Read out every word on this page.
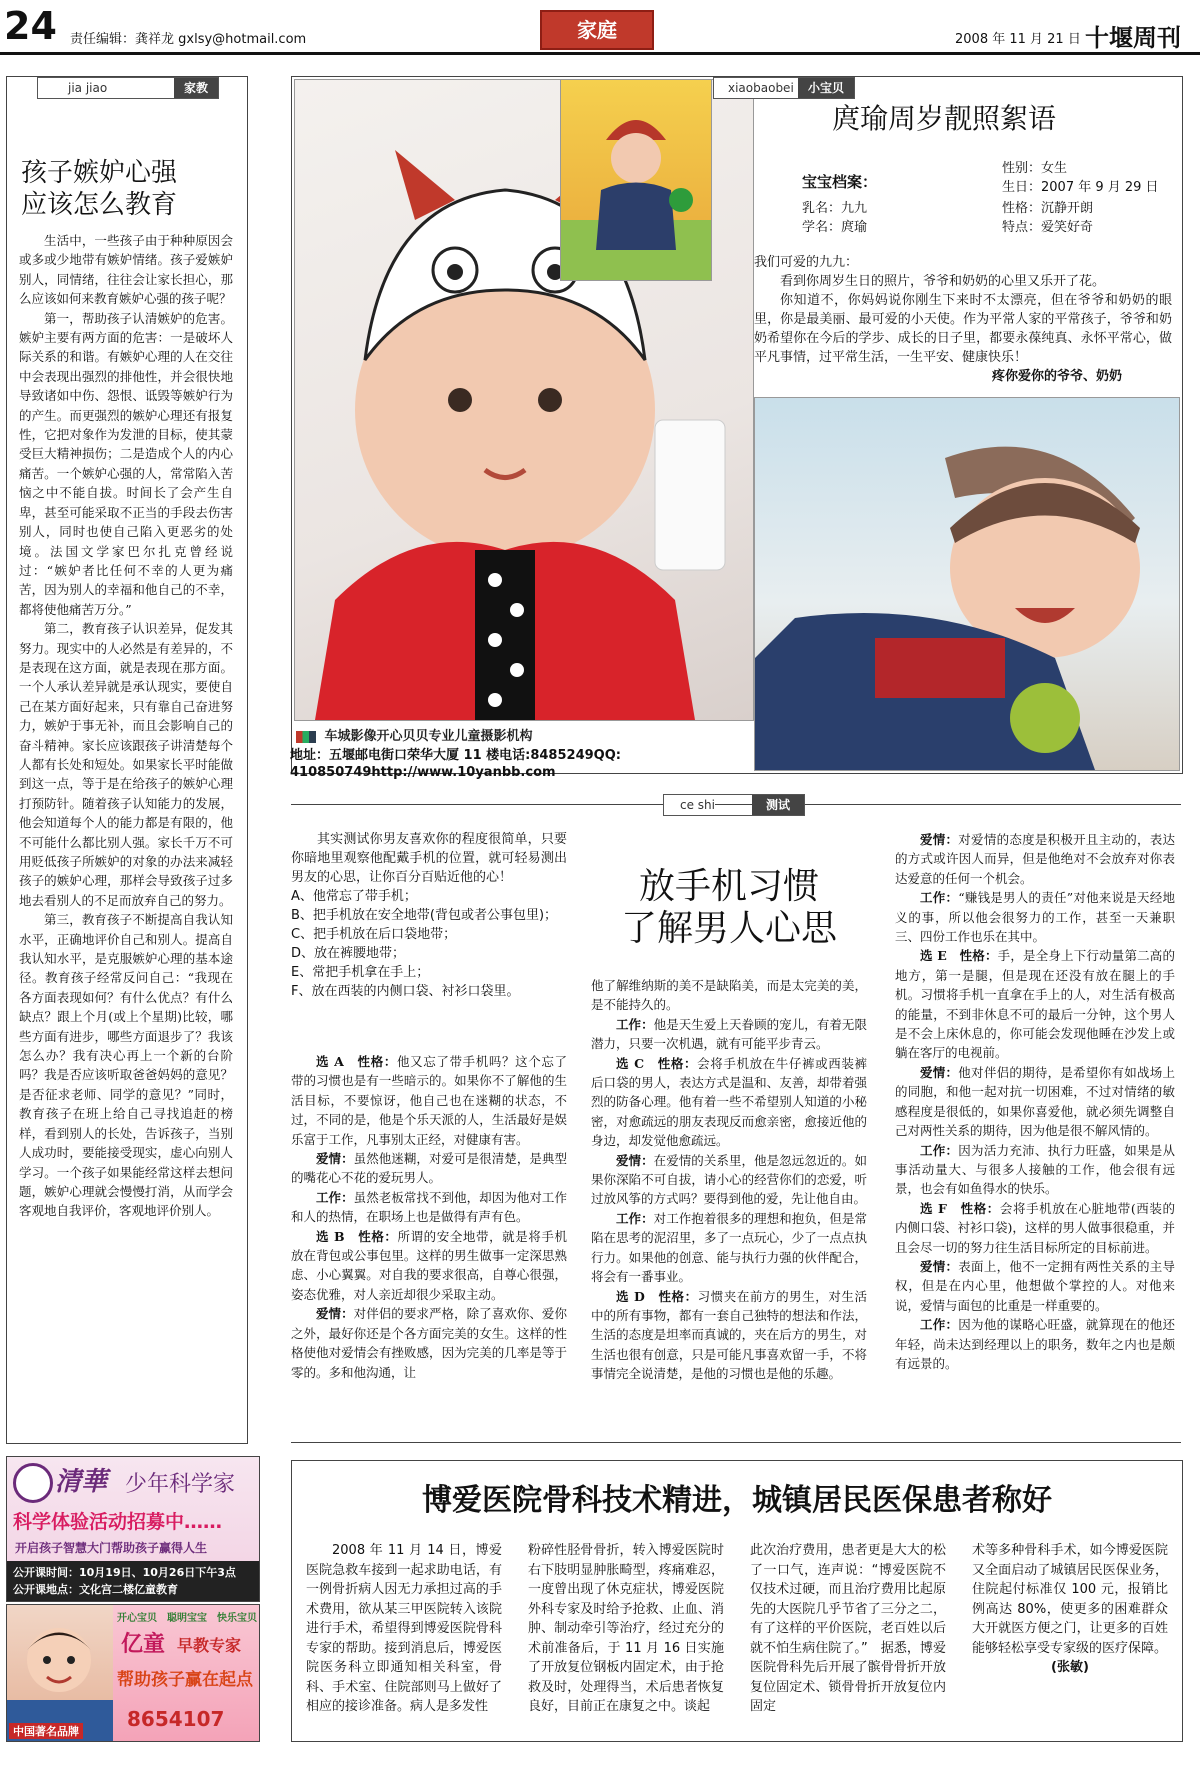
24 责任编辑：龚祥龙 gxlsy@hotmail.com	家庭	2008 年 11 月 21 日 十堰周刊
jia jiao	家教
孩子嫉妒心强
应该怎么教育

生活中，一些孩子由于种种原因会或多或少地带有嫉妒情绪。孩子爱嫉妒别人，同情绪，往往会让家长担心，那么应该如何来教育嫉妒心强的孩子呢？

第一，帮助孩子认清嫉妒的危害。嫉妒主要有两方面的危害：一是破坏人际关系的和谐。有嫉妒心理的人在交往中会表现出强烈的排他性，并会很快地导致诸如中伤、怨恨、诋毁等嫉妒行为的产生。而更强烈的嫉妒心理还有报复性，它把对象作为发泄的目标，使其蒙受巨大精神损伤；二是造成个人的内心痛苦。一个嫉妒心强的人，常常陷入苦恼之中不能自拔。时间长了会产生自卑，甚至可能采取不正当的手段去伤害别人，同时也使自己陷入更恶劣的处境。法国文学家巴尔扎克曾经说过：“嫉妒者比任何不幸的人更为痛苦，因为别人的幸福和他自己的不幸，都将使他痛苦万分。”

第二，教育孩子认识差异，促发其努力。现实中的人必然是有差异的，不是表现在这方面，就是表现在那方面。一个人承认差异就是承认现实，要使自己在某方面好起来，只有靠自己奋进努力，嫉妒于事无补，而且会影响自己的奋斗精神。家长应该跟孩子讲清楚每个人都有长处和短处。如果家长平时能做到这一点，等于是在给孩子的嫉妒心理打预防针。随着孩子认知能力的发展，他会知道每个人的能力都是有限的，他不可能什么都比别人强。家长千万不可用贬低孩子所嫉妒的对象的办法来减轻孩子的嫉妒心理，那样会导致孩子过多地去看别人的不足而放弃自己的努力。

第三，教育孩子不断提高自我认知水平，正确地评价自己和别人。提高自我认知水平，是克服嫉妒心理的基本途径。教育孩子经常反问自己：“我现在各方面表现如何？有什么优点？有什么缺点？跟上个月(或上个星期)比较，哪些方面有进步，哪些方面退步了？我该怎么办？我有决心再上一个新的台阶吗？我是否应该听取爸爸妈妈的意见？是否征求老师、同学的意见？”同时，教育孩子在班上给自己寻找追赶的榜样，看到别人的长处，告诉孩子，当别人成功时，要能接受现实，虚心向别人学习。一个孩子如果能经常这样去想问题，嫉妒心理就会慢慢打消，从而学会客观地自我评价，客观地评价别人。

xiaobaobei	小宝贝
庹瑜周岁靓照絮语
宝宝档案：
性别：女生
生日：2007 年 9 月 29 日
乳名：九九	性格：沉静开朗
学名：庹瑜	特点：爱笑好奇
我们可爱的九九：
看到你周岁生日的照片，爷爷和奶奶的心里又乐开了花。
你知道不，你妈妈说你刚生下来时不太漂亮，但在爷爷和奶奶的眼里，你是最美丽、最可爱的小天使。作为平常人家的平常孩子，爷爷和奶奶希望你在今后的学步、成长的日子里，都要永葆纯真、永怀平常心，做平凡事情，过平常生活，一生平安、健康快乐！
疼你爱你的爷爷、奶奶
车城影像开心贝贝专业儿童摄影机构
地址：五堰邮电街口荣华大厦 11 楼电话:8485249QQ:
410850749http://www.10yanbb.com
ce shi	测试
其实测试你男友喜欢你的程度很简单，只要你暗地里观察他配戴手机的位置，就可轻易测出男友的心思，让你百分百贴近他的心！
A、他常忘了带手机；
B、把手机放在安全地带(背包或者公事包里)；
C、把手机放在后口袋地带；
D、放在裤腰地带；
E、常把手机拿在手上；
F、放在西装的内侧口袋、衬衫口袋里。
放手机习惯
了解男人心思

选 A　性格：他又忘了带手机吗？这个忘了带的习惯也是有一些暗示的。如果你不了解他的生活目标，不要惊讶，他自己也在迷糊的状态，不过，不同的是，他是个乐天派的人，生活最好是娱乐富于工作，凡事别太正经，对健康有害。

爱情：虽然他迷糊，对爱可是很清楚，是典型的嘴花心不花的爱玩男人。

工作：虽然老板常找不到他，却因为他对工作和人的热情，在职场上也是做得有声有色。

选 B　性格：所谓的安全地带，就是将手机放在背包或公事包里。这样的男生做事一定深思熟虑、小心翼翼。对自我的要求很高，自尊心很强，姿态优雅，对人亲近却很少采取主动。

爱情：对伴侣的要求严格，除了喜欢你、爱你之外，最好你还是个各方面完美的女生。这样的性格使他对爱情会有挫败感，因为完美的几率是等于零的。多和他沟通，让

他了解维纳斯的美不是缺陷美，而是太完美的美，是不能持久的。

工作：他是天生爱上天眷顾的宠儿，有着无限潜力，只要一次机遇，就有可能平步青云。

选 C　性格：会将手机放在牛仔裤或西装裤后口袋的男人，表达方式是温和、友善，却带着强烈的防备心理。他有着一些不希望别人知道的小秘密，对愈疏远的朋友表现反而愈亲密，愈接近他的身边，却发觉他愈疏远。

爱情：在爱情的关系里，他是忽远忽近的。如果你深陷不可自拔，请小心的经营你们的恋爱，听过放风筝的方式吗？要得到他的爱，先让他自由。

工作：对工作抱着很多的理想和抱负，但是常陷在思考的泥沼里，多了一点玩心，少了一点点执行力。如果他的创意、能与执行力强的伙伴配合，将会有一番事业。

选 D　性格：习惯夹在前方的男生，对生活中的所有事物，都有一套自己独特的想法和作法，生活的态度是坦率而真诚的，夹在后方的男生，对生活也很有创意，只是可能凡事喜欢留一手，不将事情完全说清楚，是他的习惯也是他的乐趣。

爱情：对爱情的态度是积极开且主动的，表达的方式或许因人而异，但是他绝对不会放弃对你表达爱意的任何一个机会。

工作：“赚钱是男人的责任”对他来说是天经地义的事，所以他会很努力的工作，甚至一天兼职三、四份工作也乐在其中。

选 E　性格：手，是全身上下行动量第二高的地方，第一是腿，但是现在还没有放在腿上的手机。习惯将手机一直拿在手上的人，对生活有极高的能量，不到非休息不可的最后一分钟，这个男人是不会上床休息的，你可能会发现他睡在沙发上或躺在客厅的电视前。

爱情：他对伴侣的期待，是希望你有如战场上的同胞，和他一起对抗一切困难，不过对情绪的敏感程度是很低的，如果你喜爱他，就必须先调整自己对两性关系的期待，因为他是很不解风情的。

工作：因为活力充沛、执行力旺盛，如果是从事活动量大、与很多人接触的工作，他会很有远景，也会有如鱼得水的快乐。

选 F　性格：会将手机放在心脏地带(西装的内侧口袋、衬衫口袋)，这样的男人做事很稳重，并且会尽一切的努力往生活目标所定的目标前进。

爱情：表面上，他不一定拥有两性关系的主导权，但是在内心里，他想做个掌控的人。对他来说，爱情与面包的比重是一样重要的。

工作：因为他的谋略心旺盛，就算现在的他还年轻，尚未达到经理以上的职务，数年之内也是颇有远景的。

清華 少年科学家
科学体验活动招募中……
开启孩子智慧大门帮助孩子赢得人生
公开课时间：10月19日、10月26日下午3点
公开课地点：文化宫二楼亿童教育
开心宝贝　聪明宝宝　快乐宝贝
亿童 早教专家
帮助孩子赢在起点
8654107
中国著名品牌
博爱医院骨科技术精进，城镇居民医保患者称好
2008 年 11 月 14 日，博爱医院急救车接到一起求助电话，有一例骨折病人因无力承担过高的手术费用，欲从某三甲医院转入该院进行手术，希望得到博爱医院骨科专家的帮助。接到消息后，博爱医院医务科立即通知相关科室，骨科、手术室、住院部则马上做好了相应的接诊准备。病人是多发性
粉碎性胫骨骨折，转入博爱医院时右下肢明显肿胀畸型，疼痛难忍，一度曾出现了休克症状，博爱医院外科专家及时给予抢救、止血、消肿、制动牵引等治疗，经过充分的术前准备后，于 11 月 16 日实施了开放复位钢板内固定术，由于抢救及时，处理得当，术后患者恢复良好，目前正在康复之中。谈起
此次治疗费用，患者更是大大的松了一口气，连声说：“博爱医院不仅技术过硬，而且治疗费用比起原先的大医院几乎节省了三分之二，有了这样的平价医院，老百姓以后就不怕生病住院了。”　据悉，博爱医院骨科先后开展了髌骨骨折开放复位固定术、锁骨骨折开放复位内固定
术等多种骨科手术，如今博爱医院又全面启动了城镇居民医保业务，住院起付标准仅 100 元，报销比例高达 80%，使更多的困难群众大开就医方便之门，让更多的百姓能够轻松享受专家级的医疗保障。
(张敏)
